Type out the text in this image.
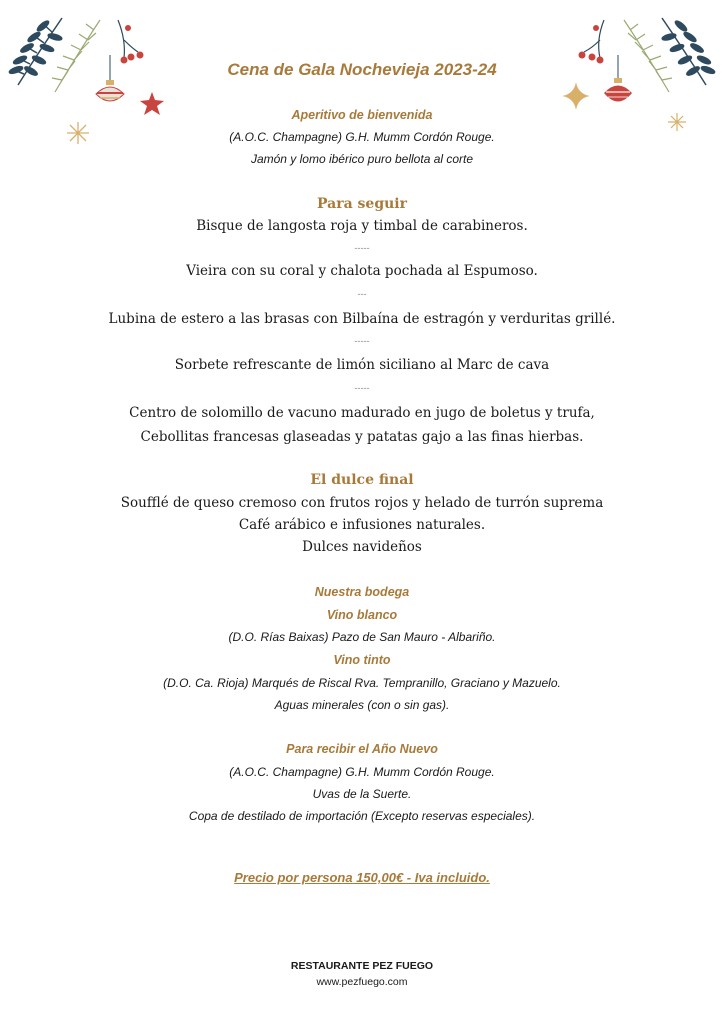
Cena de Gala Nochevieja 2023-24
Aperitivo de bienvenida
(A.O.C. Champagne) G.H. Mumm Cordón Rouge.
Jamón y lomo ibérico puro bellota al corte
Para seguir
Bisque de langosta roja y timbal de carabineros.
-----
Vieira con su coral y chalota pochada al Espumoso.
---
Lubina de estero a las brasas con Bilbaína de estragón y verduritas grillé.
-----
Sorbete refrescante de limón siciliano al Marc de cava
-----
Centro de solomillo de vacuno madurado en jugo de boletus y trufa,
Cebollitas francesas glaseadas y patatas gajo a las finas hierbas.
El dulce final
Soufflé de queso cremoso con frutos rojos y helado de turrón suprema
Café arábico e infusiones naturales.
Dulces navideños
Nuestra bodega
Vino blanco
(D.O. Rías Baixas) Pazo de San Mauro - Albariño.
Vino tinto
(D.O. Ca. Rioja) Marqués de Riscal Rva. Tempranillo, Graciano y Mazuelo.
Aguas minerales (con o sin gas).
Para recibir el Año Nuevo
(A.O.C. Champagne) G.H. Mumm Cordón Rouge.
Uvas de la Suerte.
Copa de destilado de importación (Excepto reservas especiales).
Precio por persona 150,00€ - Iva incluido.
RESTAURANTE PEZ FUEGO
www.pezfuego.com
